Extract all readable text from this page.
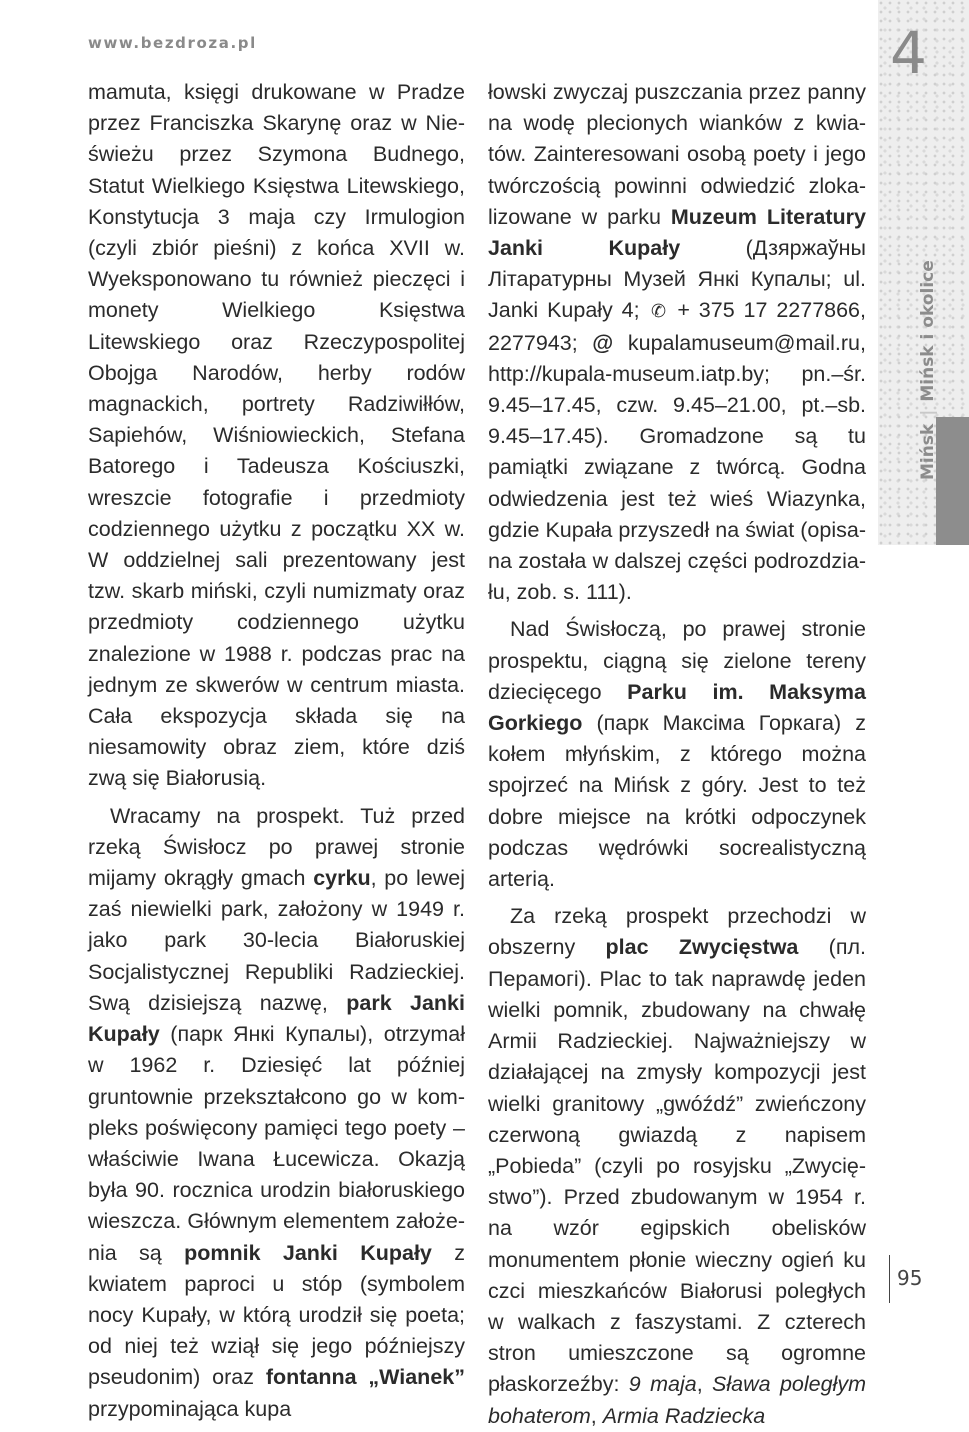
www.bezdroza.pl	4
Mińsk | Mińsk i okolice

mamuta, księgi drukowane w Pradze przez Franciszka Skarynę oraz w Nieświeżu przez Szymona Budnego, Statut Wielkiego Księstwa Litewskiego, Konstytucja 3 maja czy Irmulogion (czyli zbiór pieśni) z końca XVII w. Wyeksponowano tu również pieczęci i monety Wielkiego Księstwa Litewskiego oraz Rzeczypospolitej Obojga Narodów, herby rodów magnackich, portrety Radziwiłłów, Sapiehów, Wiśniowieckich, Stefana Batorego i Tadeusza Kościuszki, wreszcie fotografie i przedmioty codziennego użytku z początku XX w. W oddzielnej sali prezentowany jest tzw. skarb miński, czyli numizmaty oraz przedmioty codziennego użytku znalezione w 1988 r. podczas prac na jednym ze skwerów w centrum miasta. Cała ekspozycja składa się na niesamowity obraz ziem, które dziś zwą się Białorusią.

Wracamy na prospekt. Tuż przed rzeką Świsłocz po prawej stronie mijamy okrągły gmach cyrku, po lewej zaś niewielki park, założony w 1949 r. jako park 30-lecia Białoruskiej Socjalistycznej Republiki Radzieckiej. Swą dzisiejszą nazwę, park Janki Kupały (парк Янкі Купалы), otrzymał w 1962 r. Dziesięć lat później gruntownie przekształcono go w kompleks poświęcony pamięci tego poety – właściwie Iwana Łucewicza. Okazją była 90. rocznica urodzin białoruskiego wieszcza. Głównym elementem założenia są pomnik Janki Kupały z kwiatem paproci u stóp (symbolem nocy Kupały, w którą urodził się poeta; od niej też wziął się jego późniejszy pseudonim) oraz fontanna „Wianek” przypominająca kupa

łowski zwyczaj puszczania przez panny na wodę plecionych wianków z kwiatów. Zainteresowani osobą poety i jego twórczością powinni odwiedzić zlokalizowane w parku Muzeum Literatury Janki Kupały (Дзяржаўны Літаратурны Музей Янкі Купалы; ul. Janki Kupały 4; ✆ + 375 17 2277866, 2277943; @ kupalamuseum@mail.ru, http://kupala-museum.iatp.by; pn.–śr. 9.45–17.45, czw. 9.45–21.00, pt.–sb. 9.45–17.45). Gromadzone są tu pamiątki związane z twórcą. Godna odwiedzenia jest też wieś Wiazynka, gdzie Kupała przyszedł na świat (opisana została w dalszej części podrozdziału, zob. s. 111).

Nad Świsłoczą, po prawej stronie prospektu, ciągną się zielone tereny dziecięcego Parku im. Maksyma Gorkiego (парк Максіма Горкага) z kołem młyńskim, z którego można spojrzeć na Mińsk z góry. Jest to też dobre miejsce na krótki odpoczynek podczas wędrówki socrealistyczną arterią.

Za rzeką prospekt przechodzi w obszerny plac Zwycięstwa (пл. Перамогі). Plac to tak naprawdę jeden wielki pomnik, zbudowany na chwałę Armii Radzieckiej. Najważniejszy w działającej na zmysły kompozycji jest wielki granitowy „gwóźdź” zwieńczony czerwoną gwiazdą z napisem „Pobieda” (czyli po rosyjsku „Zwycięstwo”). Przed zbudowanym w 1954 r. na wzór egipskich obelisków monumentem płonie wieczny ogień ku czci mieszkańców Białorusi poległych w walkach z faszystami. Z czterech stron umieszczone są ogromne płaskorzeźby: 9 maja, Sława poległym bohaterom, Armia Radziecka

95
